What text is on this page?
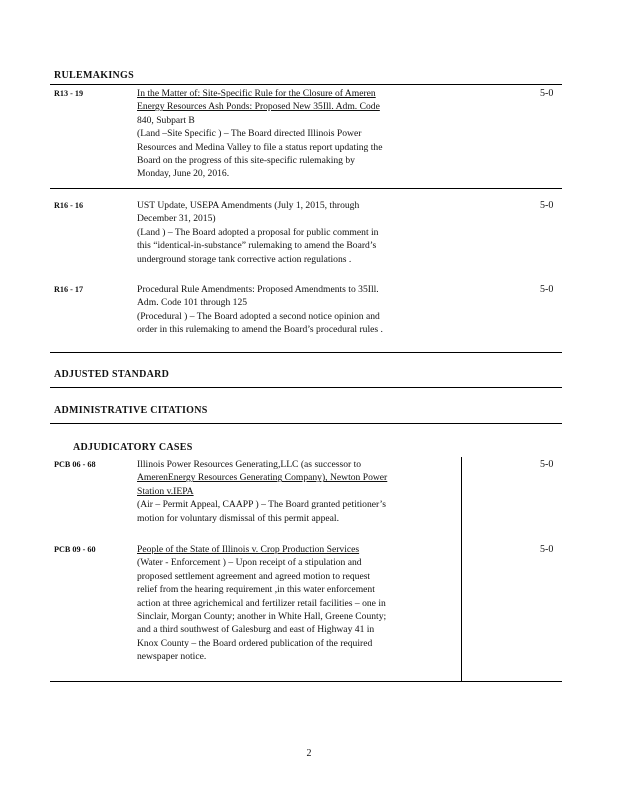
RULEMAKINGS
R13 - 19	In the Matter of: Site-Specific Rule for the Closure of Ameren
Energy Resources Ash Ponds: Proposed New 35Ill. Adm. Code
840, Subpart B
(Land –Site Specific ) – The Board directed Illinois Power
Resources and Medina Valley to file a status report updating the
Board on the progress of this site-specific rulemaking by
Monday, June 20, 2016.
5-0
R16 - 16	UST Update, USEPA Amendments (July 1, 2015, through
December 31, 2015)
(Land ) – The Board adopted a proposal for public comment in
this “identical-in-substance” rulemaking to amend the Board’s
underground storage tank corrective action regulations .
5-0
R16 - 17	Procedural Rule Amendments: Proposed Amendments to 35Ill.
Adm. Code 101 through 125
(Procedural ) – The Board adopted a second notice opinion and
order in this rulemaking to amend the Board’s procedural rules .
5-0
ADJUSTED STANDARD
ADMINISTRATIVE CITATIONS
ADJUDICATORY CASES
PCB 06 - 68	Illinois Power Resources Generating,LLC (as successor to
AmerenEnergy Resources Generating Company), Newton Power
Station v.IEPA
(Air – Permit Appeal, CAAPP ) – The Board granted petitioner’s
motion for voluntary dismissal of this permit appeal.
5-0
PCB 09 - 60	People of the State of Illinois v. Crop Production Services
(Water - Enforcement ) – Upon receipt of a stipulation and
proposed settlement agreement and agreed motion to request
relief from the hearing requirement ,in this water enforcement
action at three agrichemical and fertilizer retail facilities – one in
Sinclair, Morgan County; another in White Hall, Greene County;
and a third southwest of Galesburg and east of Highway 41 in
Knox County – the Board ordered publication of the required
newspaper notice.
5-0
2
